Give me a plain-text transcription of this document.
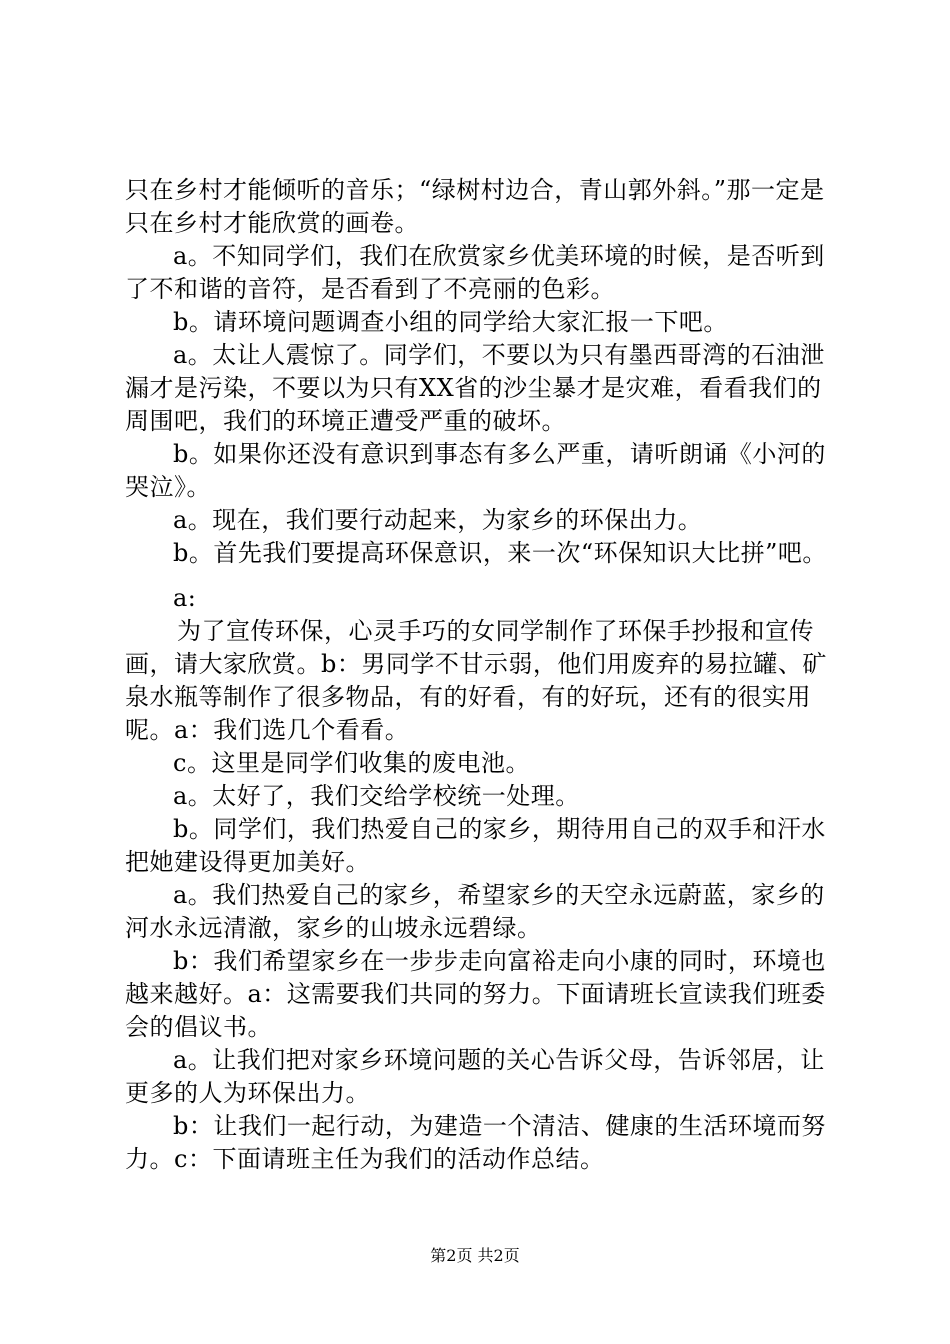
只在乡村才能倾听的音乐；“绿树村边合，青山郭外斜。”那一定是只在乡村才能欣赏的画卷。

a。不知同学们，我们在欣赏家乡优美环境的时候，是否听到了不和谐的音符，是否看到了不亮丽的色彩。

b。请环境问题调查小组的同学给大家汇报一下吧。

a。太让人震惊了。同学们，不要以为只有墨西哥湾的石油泄漏才是污染，不要以为只有XX省的沙尘暴才是灾难，看看我们的周围吧，我们的环境正遭受严重的破坏。

b。如果你还没有意识到事态有多么严重，请听朗诵《小河的哭泣》。

a。现在，我们要行动起来，为家乡的环保出力。

b。首先我们要提高环保意识，来一次“环保知识大比拼”吧。

a:

为了宣传环保，心灵手巧的女同学制作了环保手抄报和宣传画，请大家欣赏。b：男同学不甘示弱，他们用废弃的易拉罐、矿泉水瓶等制作了很多物品，有的好看，有的好玩，还有的很实用呢。a：我们选几个看看。

c。这里是同学们收集的废电池。

a。太好了，我们交给学校统一处理。

b。同学们，我们热爱自己的家乡，期待用自己的双手和汗水把她建设得更加美好。

a。我们热爱自己的家乡，希望家乡的天空永远蔚蓝，家乡的河水永远清澈，家乡的山坡永远碧绿。

b：我们希望家乡在一步步走向富裕走向小康的同时，环境也越来越好。a：这需要我们共同的努力。下面请班长宣读我们班委会的倡议书。

a。让我们把对家乡环境问题的关心告诉父母，告诉邻居，让更多的人为环保出力。

b：让我们一起行动，为建造一个清洁、健康的生活环境而努力。c：下面请班主任为我们的活动作总结。

第2页 共2页
